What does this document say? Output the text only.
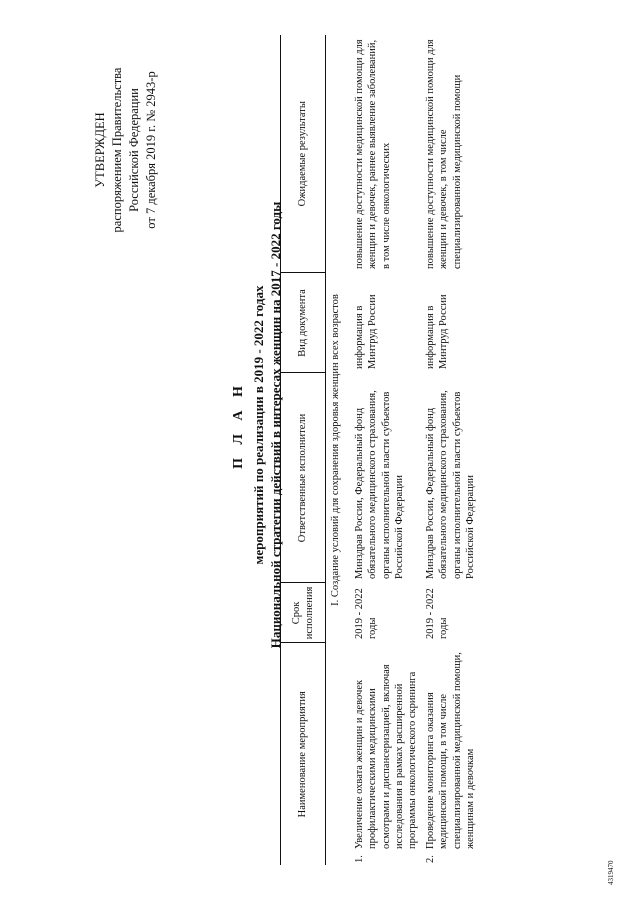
УТВЕРЖДЕН распоряжением Правительства Российской Федерации от 7 декабря 2019 г. № 2943-р
П Л А Н мероприятий по реализации в 2019 - 2022 годах Национальной стратегии действий в интересах женщин на 2017 - 2022 годы
Наименование мероприятия		Срок исполнения	Ответственные исполнители	Вид документа	Ожидаемые результаты
I. Создание условий для сохранения здоровья женщин всех возрастов					
1.	Увеличение охвата женщин и девочек профилактическими медицинскими осмотрами и диспансеризацией, включая исследования в рамках расширенной программы онкологического скрининга	2019 - 2022 годы	Минздрав России, Федеральный фонд обязательного медицинского страхования, органы исполнительной власти субъектов Российской Федерации	информация в Минтруд России	повышение доступности медицинской помощи для женщин и девочек, раннее выявление заболеваний, в том числе онкологических
2.	Проведение мониторинга оказания медицинской помощи, в том числе специализированной медицинской помощи, женщинам и девочкам	2019 - 2022 годы	Минздрав России, Федеральный фонд обязательного медицинского страхования, органы исполнительной власти субъектов Российской Федерации	информация в Минтруд России	повышение доступности медицинской помощи для женщин и девочек, в том числе специализированной медицинской помощи
4319470
